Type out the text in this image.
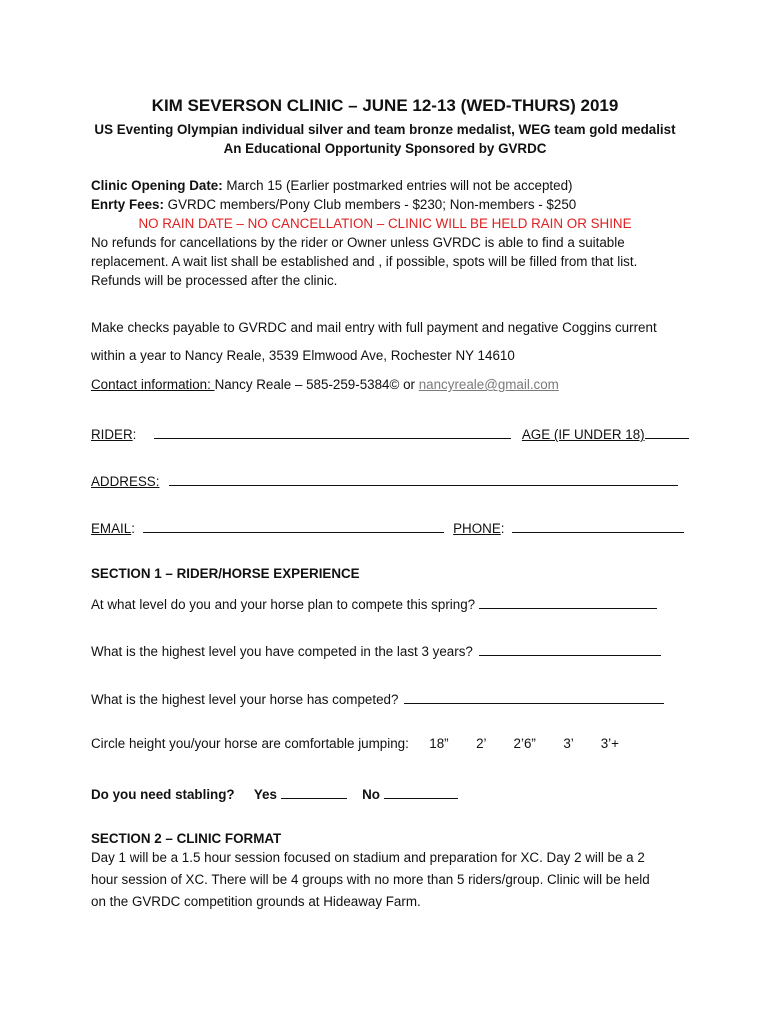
KIM SEVERSON CLINIC – JUNE 12-13 (WED-THURS) 2019
US Eventing Olympian individual silver and team bronze medalist, WEG team gold medalist
An Educational Opportunity Sponsored by GVRDC
Clinic Opening Date: March 15 (Earlier postmarked entries will not be accepted)
Enrty Fees: GVRDC members/Pony Club members - $230; Non-members - $250
NO RAIN DATE – NO CANCELLATION – CLINIC WILL BE HELD RAIN OR SHINE
No refunds for cancellations by the rider or Owner unless GVRDC is able to find a suitable
replacement. A wait list shall be established and , if possible, spots will be filled from that list.
Refunds will be processed after the clinic.
Make checks payable to GVRDC and mail entry with full payment and negative Coggins current
within a year to Nancy Reale, 3539 Elmwood Ave, Rochester NY 14610
Contact information: Nancy Reale – 585-259-5384© or nancyreale@gmail.com
RIDER:	AGE (IF UNDER 18)
ADDRESS:
EMAIL:	PHONE:
SECTION 1 – RIDER/HORSE EXPERIENCE
At what level do you and your horse plan to compete this spring?
What is the highest level you have competed in the last 3 years?
What is the highest level your horse has competed?
Circle height you/your horse are comfortable jumping: 18” 2’ 2’6” 3’ 3’+
Do you need stabling? Yes	No
SECTION 2 – CLINIC FORMAT
Day 1 will be a 1.5 hour session focused on stadium and preparation for XC. Day 2 will be a 2
hour session of XC. There will be 4 groups with no more than 5 riders/group. Clinic will be held
on the GVRDC competition grounds at Hideaway Farm.
